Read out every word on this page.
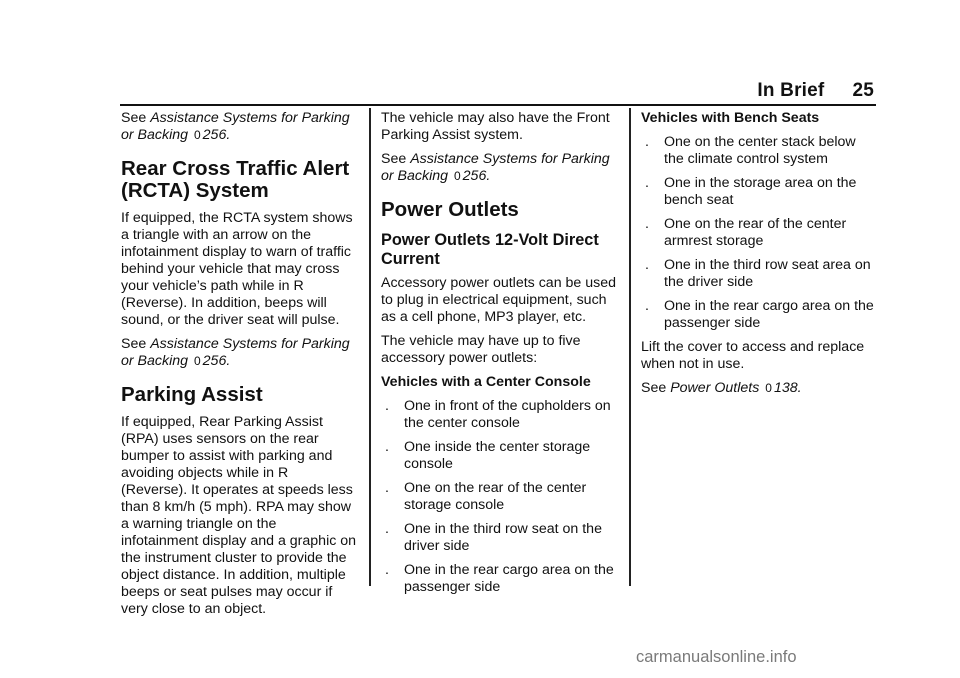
In Brief 25

See Assistance Systems for Parking or Backing 0 256.

Rear Cross Traffic Alert (RCTA) System

If equipped, the RCTA system shows a triangle with an arrow on the infotainment display to warn of traffic behind your vehicle that may cross your vehicle’s path while in R (Reverse). In addition, beeps will sound, or the driver seat will pulse.

See Assistance Systems for Parking or Backing 0 256.

Parking Assist

If equipped, Rear Parking Assist (RPA) uses sensors on the rear bumper to assist with parking and avoiding objects while in R (Reverse). It operates at speeds less than 8 km/h (5 mph). RPA may show a warning triangle on the infotainment display and a graphic on the instrument cluster to provide the object distance. In addition, multiple beeps or seat pulses may occur if very close to an object.

The vehicle may also have the Front Parking Assist system.

See Assistance Systems for Parking or Backing 0 256.

Power Outlets
Power Outlets 12-Volt Direct Current

Accessory power outlets can be used to plug in electrical equipment, such as a cell phone, MP3 player, etc.

The vehicle may have up to five accessory power outlets:

Vehicles with a Center Console

. One in front of the cupholders on the center console
. One inside the center storage console
. One on the rear of the center storage console
. One in the third row seat on the driver side
. One in the rear cargo area on the passenger side

Vehicles with Bench Seats

. One on the center stack below the climate control system
. One in the storage area on the bench seat
. One on the rear of the center armrest storage
. One in the third row seat area on the driver side
. One in the rear cargo area on the passenger side

Lift the cover to access and replace when not in use.

See Power Outlets 0 138.

carmanualsonline.info
